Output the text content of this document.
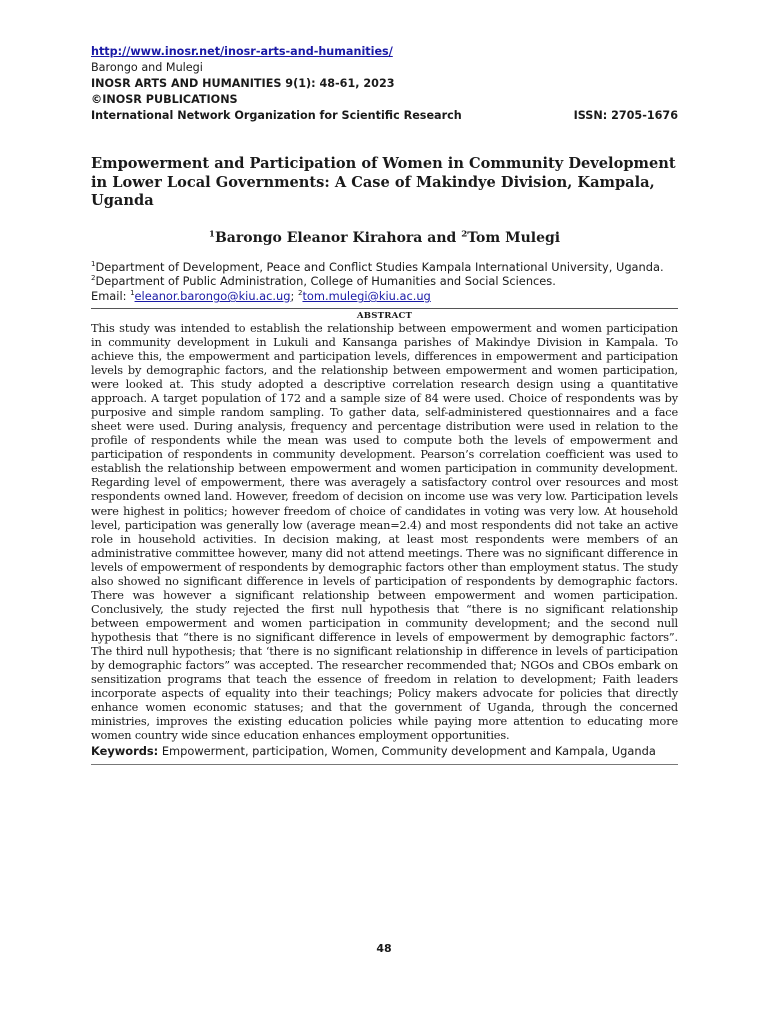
http://www.inosr.net/inosr-arts-and-humanities/

Barongo and Mulegi

INOSR ARTS AND HUMANITIES 9(1): 48-61, 2023

©INOSR PUBLICATIONS

International Network Organization for Scientific Research	ISSN: 2705-1676
Empowerment and Participation of Women in Community Development in Lower Local Governments: A Case of Makindye Division, Kampala, Uganda
$^1$Barongo Eleanor Kirahora and $^2$Tom Mulegi

$^1$Department of Development, Peace and Conflict Studies Kampala International University, Uganda.

$^2$Department of Public Administration, College of Humanities and Social Sciences.

Email: $^1$eleanor.barongo@kiu.ac.ug; $^2$tom.mulegi@kiu.ac.ug

ABSTRACT

This study was intended to establish the relationship between empowerment and women participation in community development in Lukuli and Kansanga parishes of Makindye Division in Kampala. To achieve this, the empowerment and participation levels, differences in empowerment and participation levels by demographic factors, and the relationship between empowerment and women participation, were looked at. This study adopted a descriptive correlation research design using a quantitative approach. A target population of 172 and a sample size of 84 were used. Choice of respondents was by purposive and simple random sampling. To gather data, self-administered questionnaires and a face sheet were used. During analysis, frequency and percentage distribution were used in relation to the profile of respondents while the mean was used to compute both the levels of empowerment and participation of respondents in community development. Pearson’s correlation coefficient was used to establish the relationship between empowerment and women participation in community development. Regarding level of empowerment, there was averagely a satisfactory control over resources and most respondents owned land. However, freedom of decision on income use was very low. Participation levels were highest in politics; however freedom of choice of candidates in voting was very low. At household level, participation was generally low (average mean=2.4) and most respondents did not take an active role in household activities. In decision making, at least most respondents were members of an administrative committee however, many did not attend meetings. There was no significant difference in levels of empowerment of respondents by demographic factors other than employment status. The study also showed no significant difference in levels of participation of respondents by demographic factors. There was however a significant relationship between empowerment and women participation. Conclusively, the study rejected the first null hypothesis that “there is no significant relationship between empowerment and women participation in community development; and the second null hypothesis that “there is no significant difference in levels of empowerment by demographic factors”. The third null hypothesis; that ‘there is no significant relationship in difference in levels of participation by demographic factors” was accepted. The researcher recommended that; NGOs and CBOs embark on sensitization programs that teach the essence of freedom in relation to development; Faith leaders incorporate aspects of equality into their teachings; Policy makers advocate for policies that directly enhance women economic statuses; and that the government of Uganda, through the concerned ministries, improves the existing education policies while paying more attention to educating more women country wide since education enhances employment opportunities.

Keywords: Empowerment, participation, Women, Community development and Kampala, Uganda

48
